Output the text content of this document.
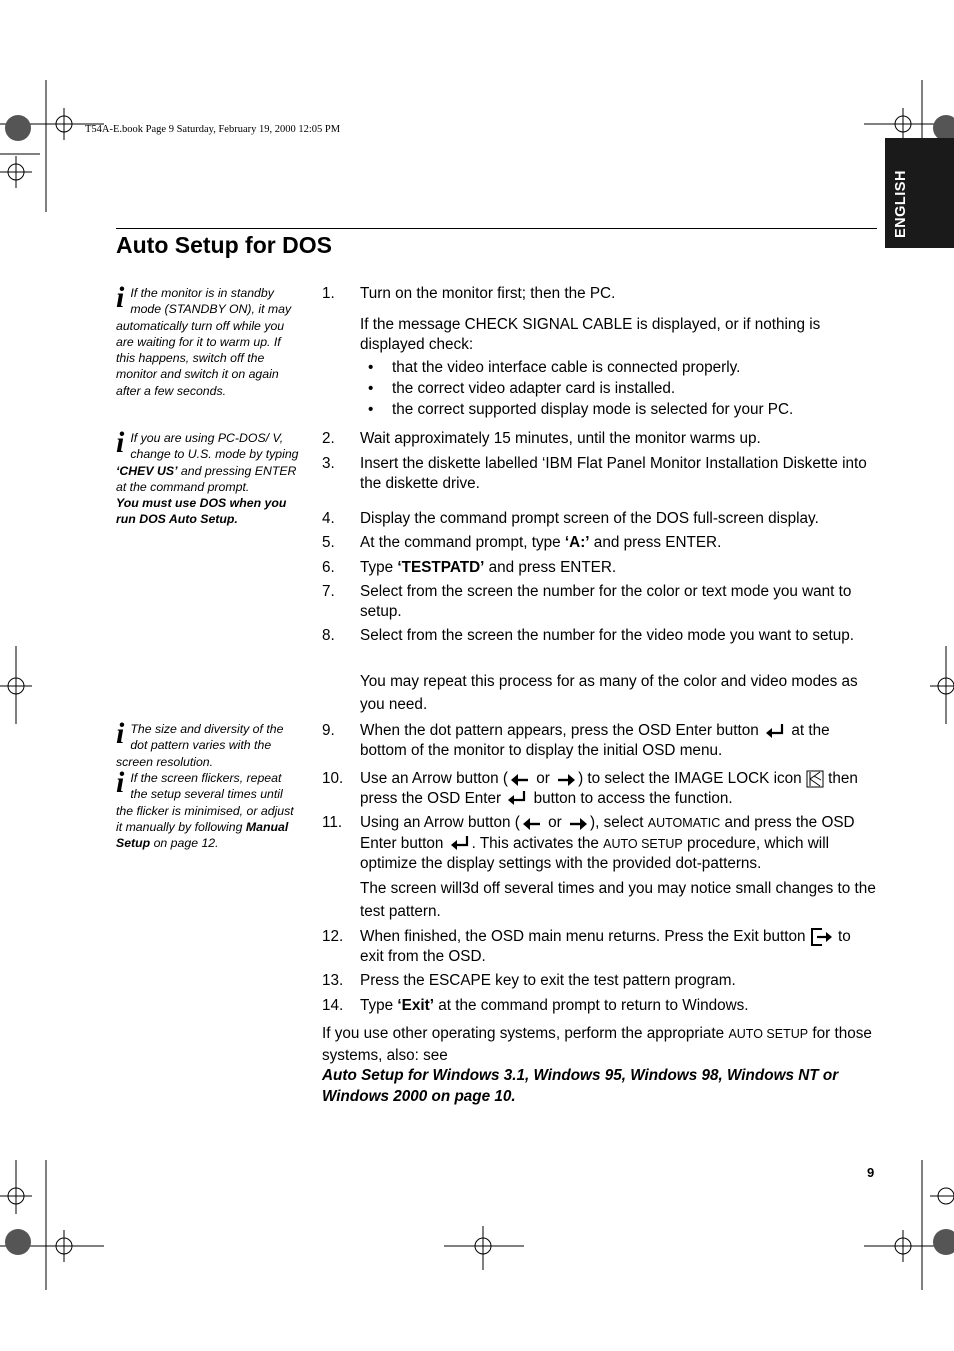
T54A-E.book Page 9 Saturday, February 19, 2000 12:05 PM
ENGLISH
Auto Setup for DOS
i If the monitor is in standby mode (STANDBY ON), it may automatically turn off while you are waiting for it to warm up. If this happens, switch off the monitor and switch it on again after a few seconds.
i If you are using PC-DOS/ V, change to U.S. mode by typing ‘CHEV US’ and pressing ENTER at the command prompt.
You must use DOS when you run DOS Auto Setup.
i The size and diversity of the dot pattern varies with the screen resolution.
i If the screen flickers, repeat the setup several times until the flicker is minimised, or adjust it manually by following Manual Setup on page 12.
1. Turn on the monitor first; then the PC.
If the message CHECK SIGNAL CABLE is displayed, or if nothing is displayed check:
• that the video interface cable is connected properly.
• the correct video adapter card is installed.
• the correct supported display mode is selected for your PC.
2. Wait approximately 15 minutes, until the monitor warms up.
3. Insert the diskette labelled ‘IBM Flat Panel Monitor Installation Diskette into the diskette drive.
4. Display the command prompt screen of the DOS full-screen display.
5. At the command prompt, type ‘A:’ and press ENTER.
6. Type ‘TESTPATD’ and press ENTER.
7. Select from the screen the number for the color or text mode you want to setup.
8. Select from the screen the number for the video mode you want to setup.
You may repeat this process for as many of the color and video modes as you need.
9. When the dot pattern appears, press the OSD Enter button at the bottom of the monitor to display the initial OSD menu.
10. Use an Arrow button ( or ) to select the IMAGE LOCK icon then press the OSD Enter button to access the function.
11. Using an Arrow button ( or ), select AUTOMATIC and press the OSD Enter button . This activates the AUTO SETUP procedure, which will optimize the display settings with the provided dot-patterns.
The screen will3d off several times and you may notice small changes to the test pattern.
12. When finished, the OSD main menu returns. Press the Exit button to exit from the OSD.
13. Press the ESCAPE key to exit the test pattern program.
14. Type ‘Exit’ at the command prompt to return to Windows.
If you use other operating systems, perform the appropriate AUTO SETUP for those systems, also: see
Auto Setup for Windows 3.1, Windows 95, Windows 98, Windows NT or Windows 2000 on page 10.
9
